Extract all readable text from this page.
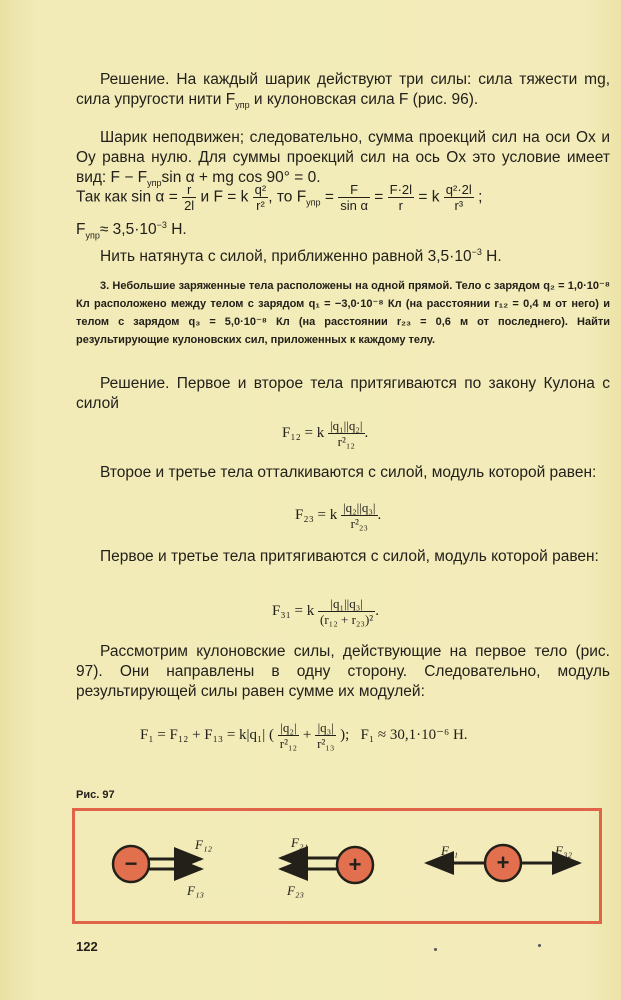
Решение. На каждый шарик действуют три силы: сила тяжести mg, сила упругости нити $F_{упр}$ и кулоновская сила F (рис. 96).
Шарик неподвижен; следовательно, сумма проекций сил на оси Ox и Oy равна нулю. Для суммы проекций сил на ось Ox это условие имеет вид: $F - F_{упр}\sin$ α + mg cos 90° = 0.
Так как $\sin \alpha = \frac{r}{2l}$ и F = k $\frac{\text{q²}}{\text{r²}}$ , то $F_{упр} = \frac{F}{\text{sin α}} = \frac{F\cdot 2l}{r} = k \frac{\text{q²·2l}}{\text{r³}}$ ;
$F_{упр}\approx 3,5\cdot 10^{-3}$ Н.
Нить натянута с силой, приближенно равной $3,5\cdot 10^{-3}$ Н.
3. Небольшие заряженные тела расположены на одной прямой. Тело с зарядом q₂ = 1,0·10⁻⁸ Кл расположено между телом с зарядом q₁ = −3,0·10⁻⁸ Кл (на расстоянии r₁₂ = 0,4 м от него) и телом с зарядом q₃ = 5,0·10⁻⁸ Кл (на расстоянии r₂₃ = 0,6 м от последнего). Найти результирующие кулоновских сил, приложенных к каждому телу.
Решение. Первое и второе тела притягиваются по закону Кулона с силой
F₁₂ = k $\frac{\text{|q₁||q₂|}}{\text{r²₁₂}}$ .
Второе и третье тела отталкиваются с силой, модуль которой равен:
F₂₃ = k $\frac{\text{|q₂||q₃|}}{\text{r²₂₃}}$ .
Первое и третье тела притягиваются с силой, модуль которой равен:
F₃₁ = k $\frac{\text{|q₁||q₃|}}{\text{(r₁₂ + r₂₃)²}}$ .
Рассмотрим кулоновские силы, действующие на первое тело (рис. 97). Они направлены в одну сторону. Следовательно, модуль результирующей силы равен сумме их модулей:
F₁ = F₁₂ + F₁₃ = k|q₁| ( $\frac{\text{|q₂|}}{\text{r²₁₂}} + \frac{\text{|q₃|}}{\text{r²₁₃}}$ ); F₁ ≈ 30,1·10⁻⁶ Н.
Рис. 97
−
F₁₂
F₁₃
+
F₂₁
F₂₃
+
F₃₁	F₃₂
122
